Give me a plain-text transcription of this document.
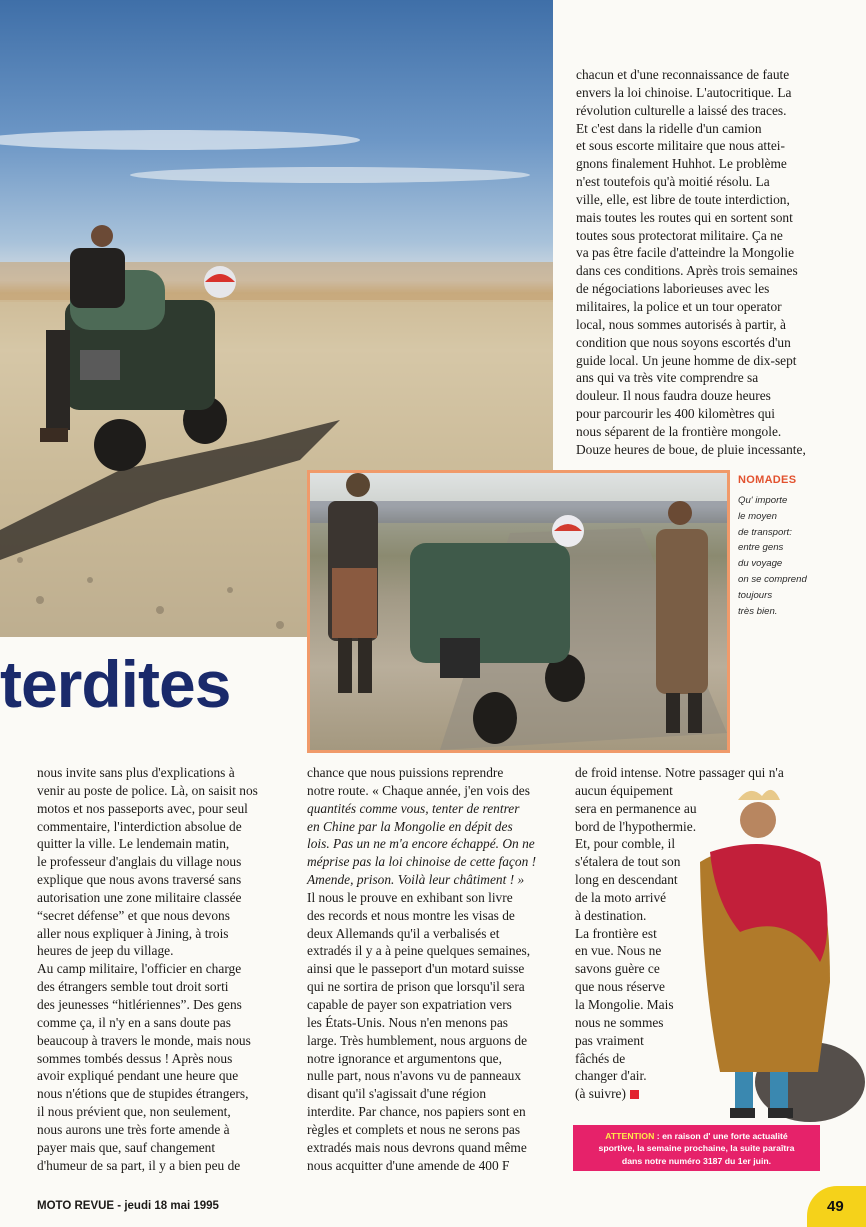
chacun et d'une reconnaissance de faute

envers la loi chinoise. L'autocritique. La

révolution culturelle a laissé des traces.

Et c'est dans la ridelle d'un camion

et sous escorte militaire que nous attei-

gnons finalement Huhhot. Le problème

n'est toutefois qu'à moitié résolu. La

ville, elle, est libre de toute interdiction,

mais toutes les routes qui en sortent sont

toutes sous protectorat militaire. Ça ne

va pas être facile d'atteindre la Mongolie

dans ces conditions. Après trois semaines

de négociations laborieuses avec les

militaires, la police et un tour operator

local, nous sommes autorisés à partir, à

condition que nous soyons escortés d'un

guide local. Un jeune homme de dix-sept

ans qui va très vite comprendre sa

douleur. Il nous faudra douze heures

pour parcourir les 400 kilomètres qui

nous séparent de la frontière mongole.

Douze heures de boue, de pluie incessante,

NOMADES
Qu' importe
le moyen
de transport:
entre gens
du voyage
on se comprend
toujours
très bien.
terdites

nous invite sans plus d'explications à

venir au poste de police. Là, on saisit nos

motos et nos passeports avec, pour seul

commentaire, l'interdiction absolue de

quitter la ville. Le lendemain matin,

le professeur d'anglais du village nous

explique que nous avons traversé sans

autorisation une zone militaire classée

“secret défense” et que nous devons

aller nous expliquer à Jining, à trois

heures de jeep du village.

Au camp militaire, l'officier en charge

des étrangers semble tout droit sorti

des jeunesses “hitlériennes”. Des gens

comme ça, il n'y en a sans doute pas

beaucoup à travers le monde, mais nous

sommes tombés dessus ! Après nous

avoir expliqué pendant une heure que

nous n'étions que de stupides étrangers,

il nous prévient que, non seulement,

nous aurons une très forte amende à

payer mais que, sauf changement

d'humeur de sa part, il y a bien peu de

chance que nous puissions reprendre

notre route. « Chaque année, j'en vois des

quantités comme vous, tenter de rentrer

en Chine par la Mongolie en dépit des

lois. Pas un ne m'a encore échappé. On ne

méprise pas la loi chinoise de cette façon !

Amende, prison. Voilà leur châtiment ! »

Il nous le prouve en exhibant son livre

des records et nous montre les visas de

deux Allemands qu'il a verbalisés et

extradés il y a à peine quelques semaines,

ainsi que le passeport d'un motard suisse

qui ne sortira de prison que lorsqu'il sera

capable de payer son expatriation vers

les États-Unis. Nous n'en menons pas

large. Très humblement, nous arguons de

notre ignorance et argumentons que,

nulle part, nous n'avons vu de panneaux

disant qu'il s'agissait d'une région

interdite. Par chance, nos papiers sont en

règles et complets et nous ne serons pas

extradés mais nous devrons quand même

nous acquitter d'une amende de 400 F

de froid intense. Notre passager qui n'a

aucun équipement

sera en permanence au

bord de l'hypothermie.

Et, pour comble, il

s'étalera de tout son

long en descendant

de la moto arrivé

à destination.

La frontière est

en vue. Nous ne

savons guère ce

que nous réserve

la Mongolie. Mais

nous ne sommes

pas vraiment

fâchés de

changer d'air.

(à suivre)

ATTENTION : en raison d' une forte actualité
sportive, la semaine prochaine, la suite paraîtra
dans notre numéro 3187 du 1er juin.
MOTO REVUE - jeudi 18 mai 1995	49
